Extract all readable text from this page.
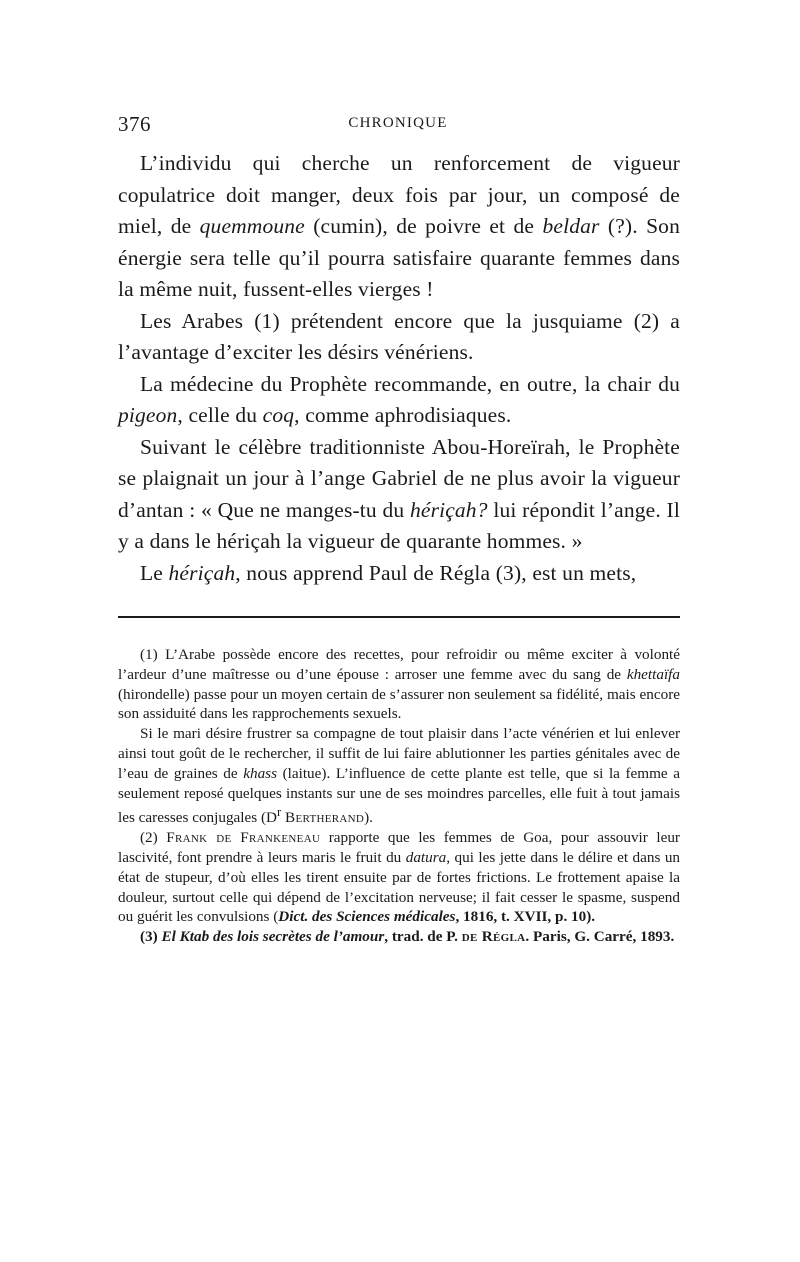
376	CHRONIQUE

L’individu qui cherche un renforcement de vigueur copulatrice doit manger, deux fois par jour, un composé de miel, de quemmoune (cumin), de poivre et de beldar (?). Son énergie sera telle qu’il pourra satisfaire quarante femmes dans la même nuit, fussent-elles vierges !

Les Arabes (1) prétendent encore que la jusquiame (2) a l’avantage d’exciter les désirs vénériens.

La médecine du Prophète recommande, en outre, la chair du pigeon, celle du coq, comme aphrodisiaques.

Suivant le célèbre traditionniste Abou-Horeïrah, le Prophète se plaignait un jour à l’ange Gabriel de ne plus avoir la vigueur d’antan : « Que ne manges-tu du hériçah? lui répondit l’ange. Il y a dans le hériçah la vigueur de quarante hommes. »

Le hériçah, nous apprend Paul de Régla (3), est un mets,

(1) L’Arabe possède encore des recettes, pour refroidir ou même exciter à volonté l’ardeur d’une maîtresse ou d’une épouse : arroser une femme avec du sang de khettaïfa (hirondelle) passe pour un moyen certain de s’assurer non seulement sa fidélité, mais encore son assiduité dans les rapprochements sexuels.

Si le mari désire frustrer sa compagne de tout plaisir dans l’acte vénérien et lui enlever ainsi tout goût de le rechercher, il suffit de lui faire ablutionner les parties génitales avec de l’eau de graines de khass (laitue). L’influence de cette plante est telle, que si la femme a seulement reposé quelques instants sur une de ses moindres parcelles, elle fuit à tout jamais les caresses conjugales ($D^r$ Bertherand).

(2) Frank de Frankeneau rapporte que les femmes de Goa, pour assouvir leur lascivité, font prendre à leurs maris le fruit du datura, qui les jette dans le délire et dans un état de stupeur, d’où elles les tirent ensuite par de fortes frictions. Le frottement apaise la douleur, surtout celle qui dépend de l’excitation nerveuse; il fait cesser le spasme, suspend ou guérit les convulsions (Dict. des Sciences médicales, 1816, t. XVII, p. 10).

(3) El Ktab des lois secrètes de l’amour, trad. de P. de Régla. Paris, G. Carré, 1893.
